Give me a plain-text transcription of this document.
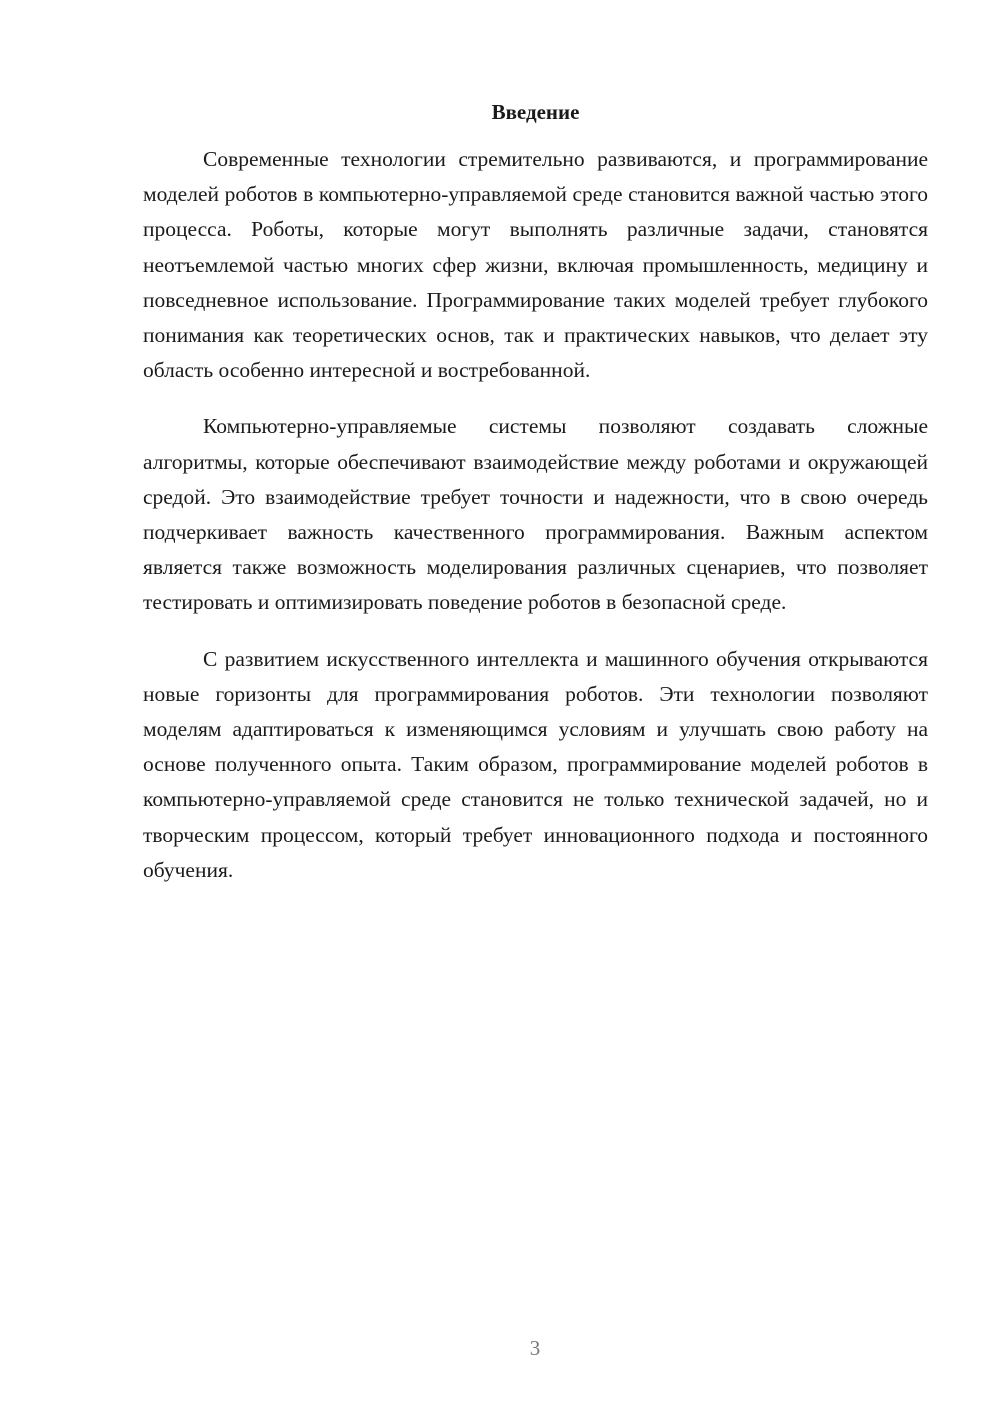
Введение

Современные технологии стремительно развиваются, и программирование моделей роботов в компьютерно-управляемой среде становится важной частью этого процесса. Роботы, которые могут выполнять различные задачи, становятся неотъемлемой частью многих сфер жизни, включая промышленность, медицину и повседневное использование. Программирование таких моделей требует глубокого понимания как теоретических основ, так и практических навыков, что делает эту область особенно интересной и востребованной.

Компьютерно-управляемые системы позволяют создавать сложные алгоритмы, которые обеспечивают взаимодействие между роботами и окружающей средой. Это взаимодействие требует точности и надежности, что в свою очередь подчеркивает важность качественного программирования. Важным аспектом является также возможность моделирования различных сценариев, что позволяет тестировать и оптимизировать поведение роботов в безопасной среде.

С развитием искусственного интеллекта и машинного обучения открываются новые горизонты для программирования роботов. Эти технологии позволяют моделям адаптироваться к изменяющимся условиям и улучшать свою работу на основе полученного опыта. Таким образом, программирование моделей роботов в компьютерно-управляемой среде становится не только технической задачей, но и творческим процессом, который требует инновационного подхода и постоянного обучения.

3
